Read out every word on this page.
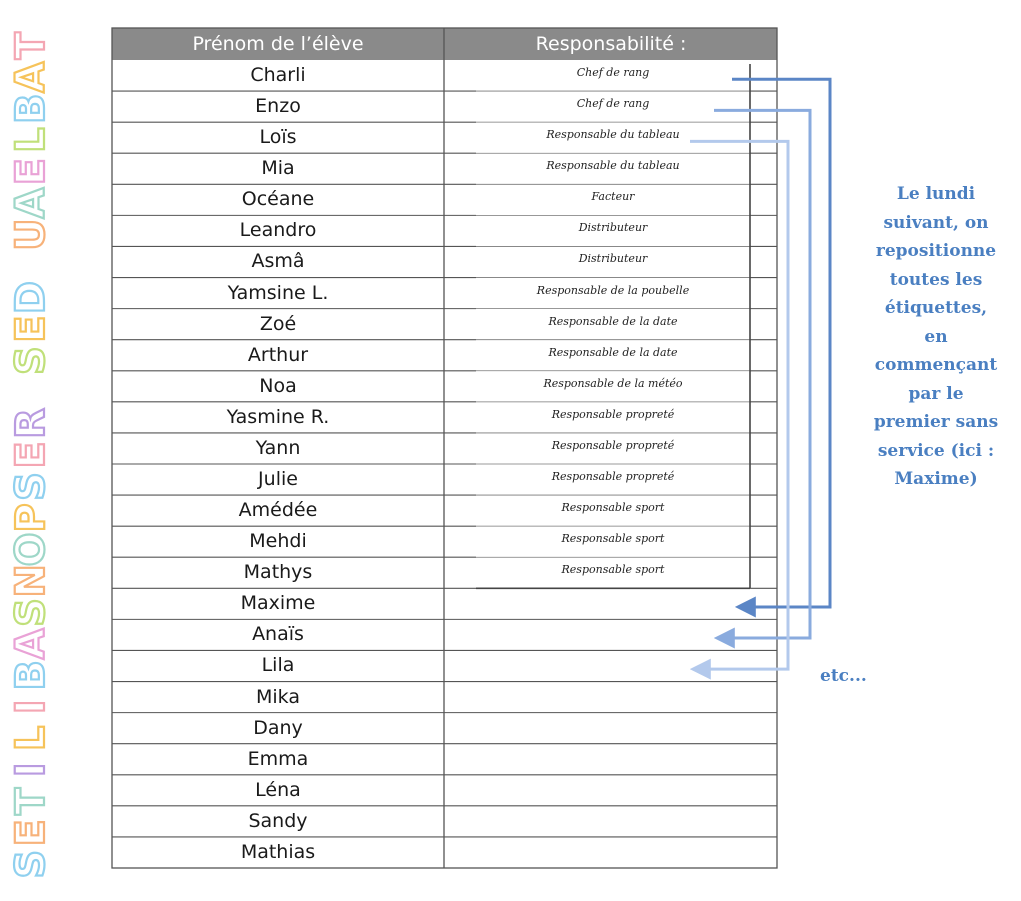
T
A
B
L
E
A
U
D
E
S
R
E
S
P
O
N
S
A
B
I
L
I
T
E
S
Prénom de l’élève	Responsabilité :
Charli
Enzo
Loïs
Mia
Océane
Leandro
Asmâ
Yamsine L.
Zoé
Arthur
Noa
Yasmine R.
Yann
Julie
Amédée
Mehdi
Mathys
Maxime
Anaïs
Lila
Mika
Dany
Emma
Léna
Sandy
Mathias
Chef de rang
Chef de rang
Responsable du tableau
Responsable du tableau
Facteur
Distributeur
Distributeur
Responsable de la poubelle
Responsable de la date
Responsable de la date
Responsable de la météo
Responsable propreté
Responsable propreté
Responsable propreté
Responsable sport
Responsable sport
Responsable sport
Le lundi
suivant, on
repositionne
toutes les
étiquettes,
en
commençant
par le
premier sans
service (ici :
Maxime)
etc...
